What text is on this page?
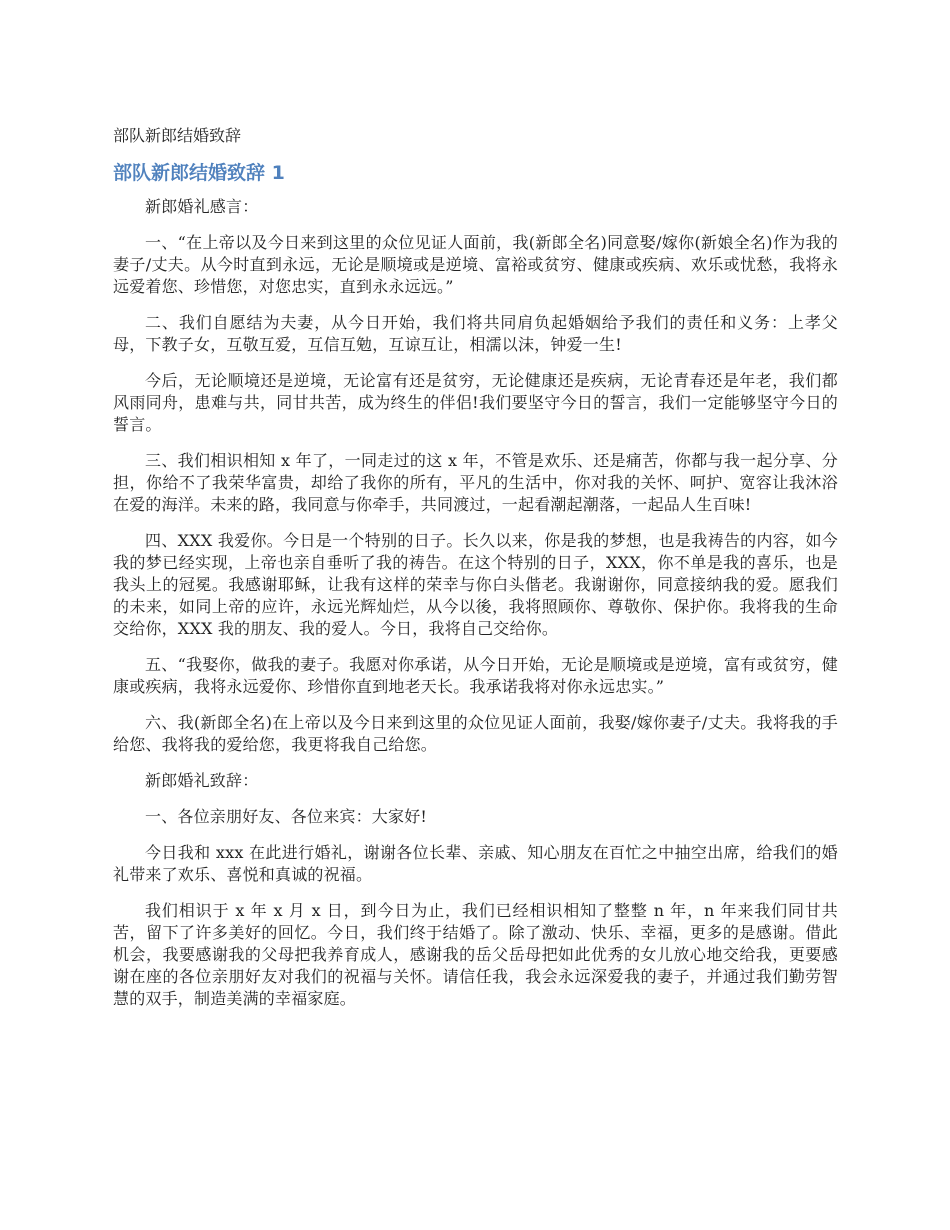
部队新郎结婚致辞
部队新郎结婚致辞 1

新郎婚礼感言：

一、“在上帝以及今日来到这里的众位见证人面前，我(新郎全名)同意娶/嫁你(新娘全名)作为我的妻子/丈夫。从今时直到永远，无论是顺境或是逆境、富裕或贫穷、健康或疾病、欢乐或忧愁，我将永远爱着您、珍惜您，对您忠实，直到永永远远。”

二、我们自愿结为夫妻，从今日开始，我们将共同肩负起婚姻给予我们的责任和义务：上孝父母，下教子女，互敬互爱，互信互勉，互谅互让，相濡以沫，钟爱一生!

今后，无论顺境还是逆境，无论富有还是贫穷，无论健康还是疾病，无论青春还是年老，我们都风雨同舟，患难与共，同甘共苦，成为终生的伴侣!我们要坚守今日的誓言，我们一定能够坚守今日的誓言。

三、我们相识相知 x 年了，一同走过的这 x 年，不管是欢乐、还是痛苦，你都与我一起分享、分担，你给不了我荣华富贵，却给了我你的所有，平凡的生活中，你对我的关怀、呵护、宽容让我沐浴在爱的海洋。未来的路，我同意与你牵手，共同渡过，一起看潮起潮落，一起品人生百味!

四、XXX 我爱你。今日是一个特别的日子。长久以来，你是我的梦想，也是我祷告的内容，如今我的梦已经实现，上帝也亲自垂听了我的祷告。在这个特别的日子，XXX，你不单是我的喜乐，也是我头上的冠冕。我感谢耶稣，让我有这样的荣幸与你白头偕老。我谢谢你，同意接纳我的爱。愿我们的未来，如同上帝的应许，永远光辉灿烂，从今以後，我将照顾你、尊敬你、保护你。我将我的生命交给你，XXX 我的朋友、我的爱人。今日，我将自己交给你。

五、“我娶你，做我的妻子。我愿对你承诺，从今日开始，无论是顺境或是逆境，富有或贫穷，健康或疾病，我将永远爱你、珍惜你直到地老天长。我承诺我将对你永远忠实。”

六、我(新郎全名)在上帝以及今日来到这里的众位见证人面前，我娶/嫁你妻子/丈夫。我将我的手给您、我将我的爱给您，我更将我自己给您。

新郎婚礼致辞：

一、各位亲朋好友、各位来宾：大家好!

今日我和 xxx 在此进行婚礼，谢谢各位长辈、亲戚、知心朋友在百忙之中抽空出席，给我们的婚礼带来了欢乐、喜悦和真诚的祝福。

我们相识于 x 年 x 月 x 日，到今日为止，我们已经相识相知了整整 n 年，n 年来我们同甘共苦，留下了许多美好的回忆。今日，我们终于结婚了。除了激动、快乐、幸福，更多的是感谢。借此机会，我要感谢我的父母把我养育成人，感谢我的岳父岳母把如此优秀的女儿放心地交给我，更要感谢在座的各位亲朋好友对我们的祝福与关怀。请信任我，我会永远深爱我的妻子，并通过我们勤劳智慧的双手，制造美满的幸福家庭。
